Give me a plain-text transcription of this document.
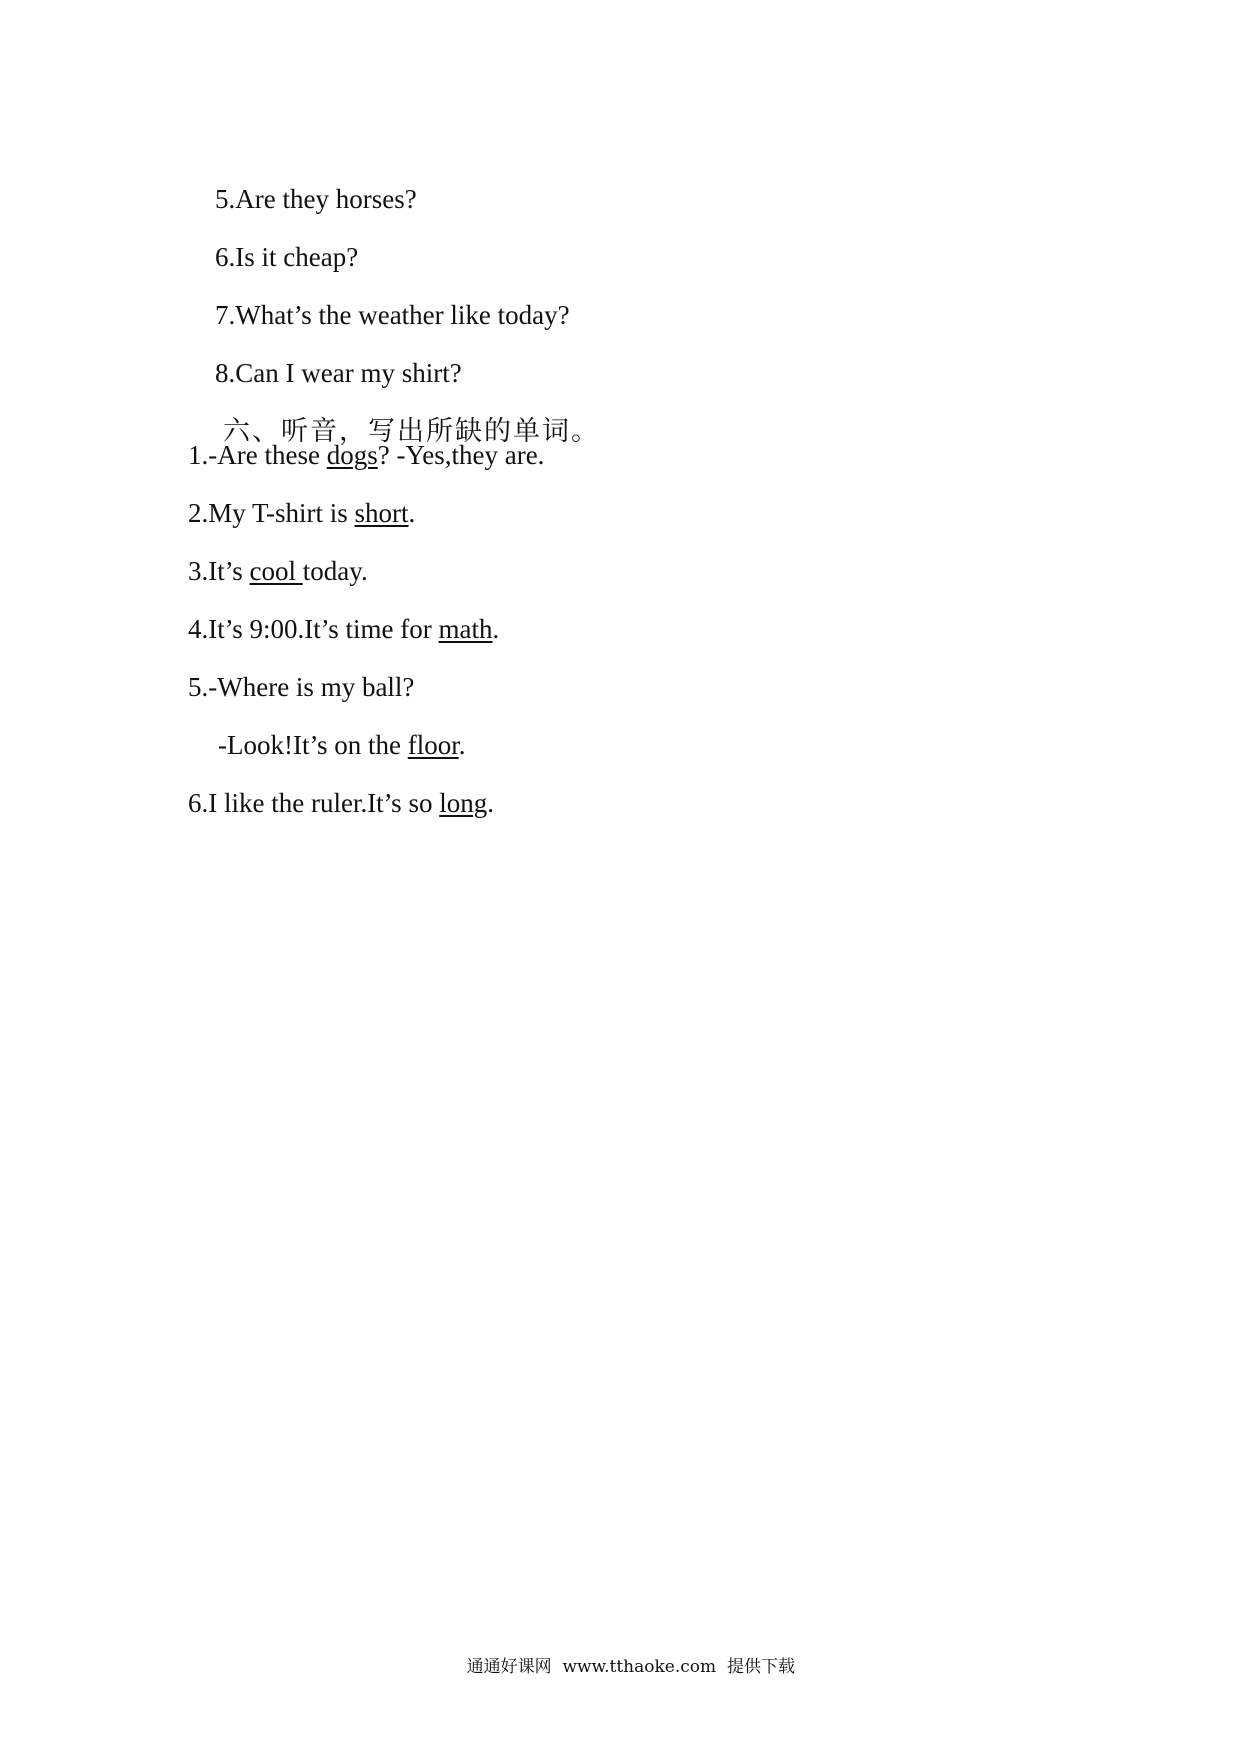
5.Are they horses?

6.Is it cheap?

7.What’s the weather like today?

8.Can I wear my shirt?

六、听音，写出所缺的单词。

1.-Are these dogs? -Yes,they are.
2.My T-shirt is short.
3.It’s cool today.
4.It’s 9:00.It’s time for math.
5.-Where is my ball?
-Look!It’s on the floor.
6.I like the ruler.It’s so long.

通通好课网  www.tthaoke.com  提供下载
